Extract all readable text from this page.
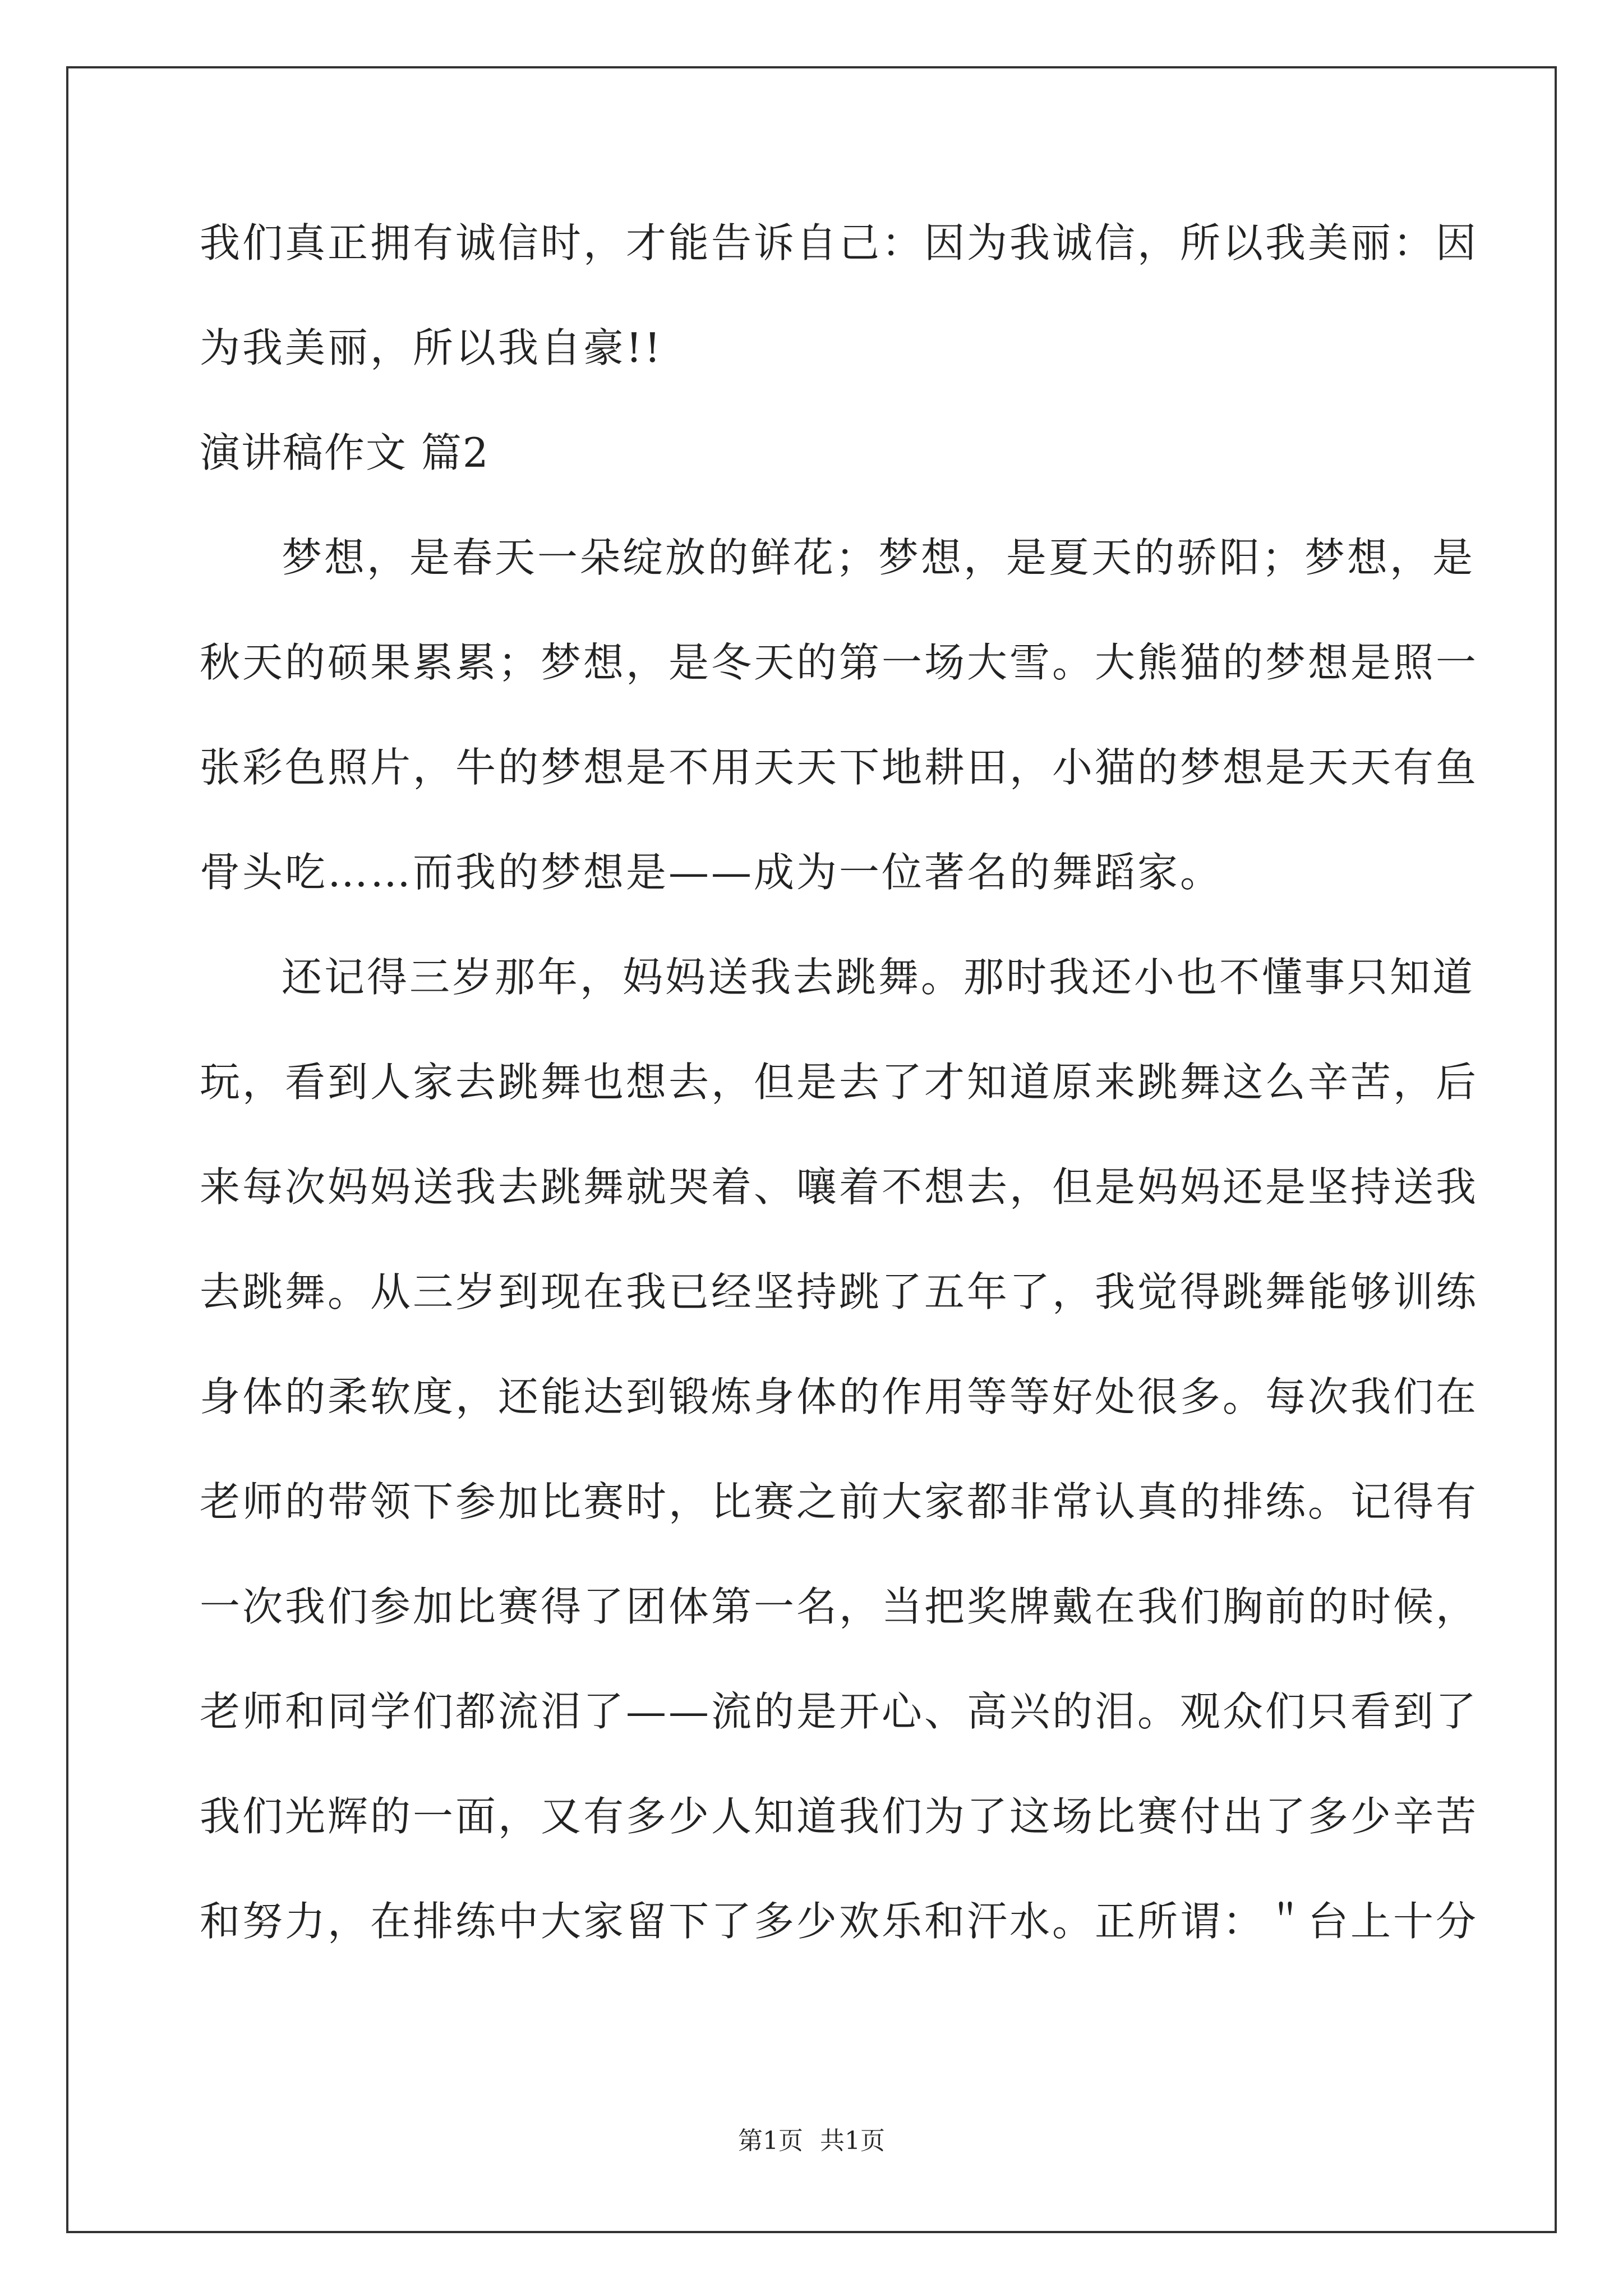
我们真正拥有诚信时，才能告诉自己：因为我诚信，所以我美丽：因
为我美丽，所以我自豪!!
演讲稿作文 篇2
梦想，是春天一朵绽放的鲜花；梦想，是夏天的骄阳；梦想，是
秋天的硕果累累；梦想，是冬天的第一场大雪。大熊猫的梦想是照一
张彩色照片，牛的梦想是不用天天下地耕田，小猫的梦想是天天有鱼
骨头吃……而我的梦想是——成为一位著名的舞蹈家。
还记得三岁那年，妈妈送我去跳舞。那时我还小也不懂事只知道
玩，看到人家去跳舞也想去，但是去了才知道原来跳舞这么辛苦，后
来每次妈妈送我去跳舞就哭着、嚷着不想去，但是妈妈还是坚持送我
去跳舞。从三岁到现在我已经坚持跳了五年了，我觉得跳舞能够训练
身体的柔软度，还能达到锻炼身体的作用等等好处很多。每次我们在
老师的带领下参加比赛时，比赛之前大家都非常认真的排练。记得有
一次我们参加比赛得了团体第一名，当把奖牌戴在我们胸前的时候，
老师和同学们都流泪了——流的是开心、高兴的泪。观众们只看到了
我们光辉的一面，又有多少人知道我们为了这场比赛付出了多少辛苦
和努力，在排练中大家留下了多少欢乐和汗水。正所谓：＂台上十分
第1页 共1页
